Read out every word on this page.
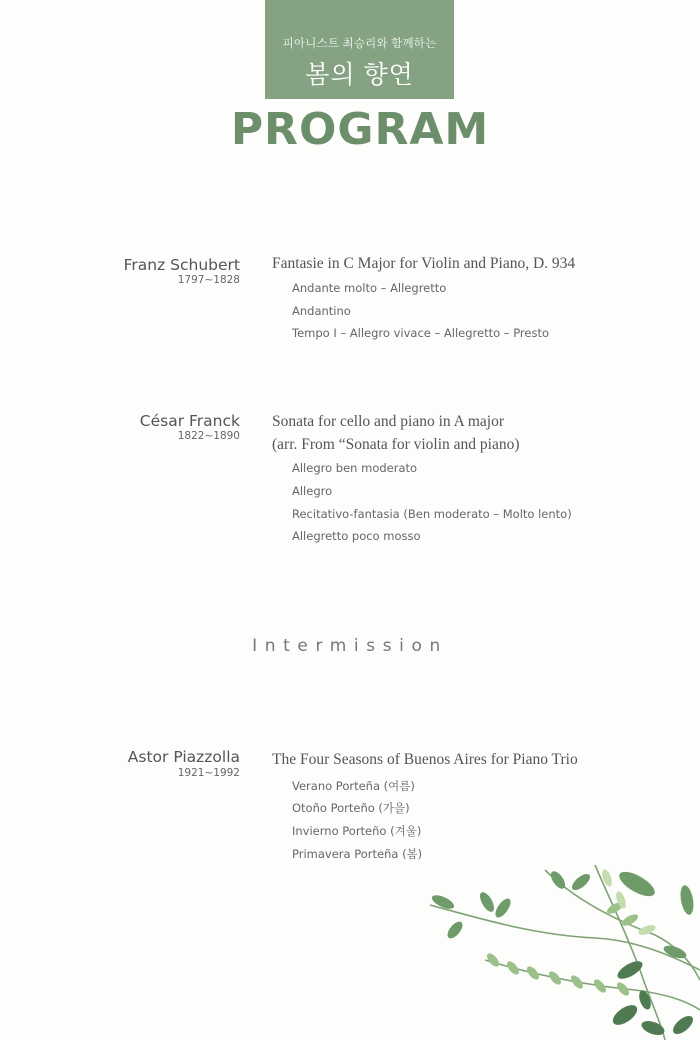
피아니스트 최승리와 함께하는
봄의 향연
PROGRAM
Franz Schubert
1797~1828
Fantasie in C Major for Violin and Piano, D. 934
Andante molto – Allegretto
Andantino
Tempo I – Allegro vivace – Allegretto – Presto
César Franck
1822~1890
Sonata for cello and piano in A major
(arr. From “Sonata for violin and piano)
Allegro ben moderato
Allegro
Recitativo-fantasia (Ben moderato – Molto lento)
Allegretto poco mosso
Intermission
Astor Piazzolla
1921~1992
The Four Seasons of Buenos Aires for Piano Trio
Verano Porteña (여름)
Otoño Porteño (가을)
Invierno Porteño (겨울)
Primavera Porteña (봄)
